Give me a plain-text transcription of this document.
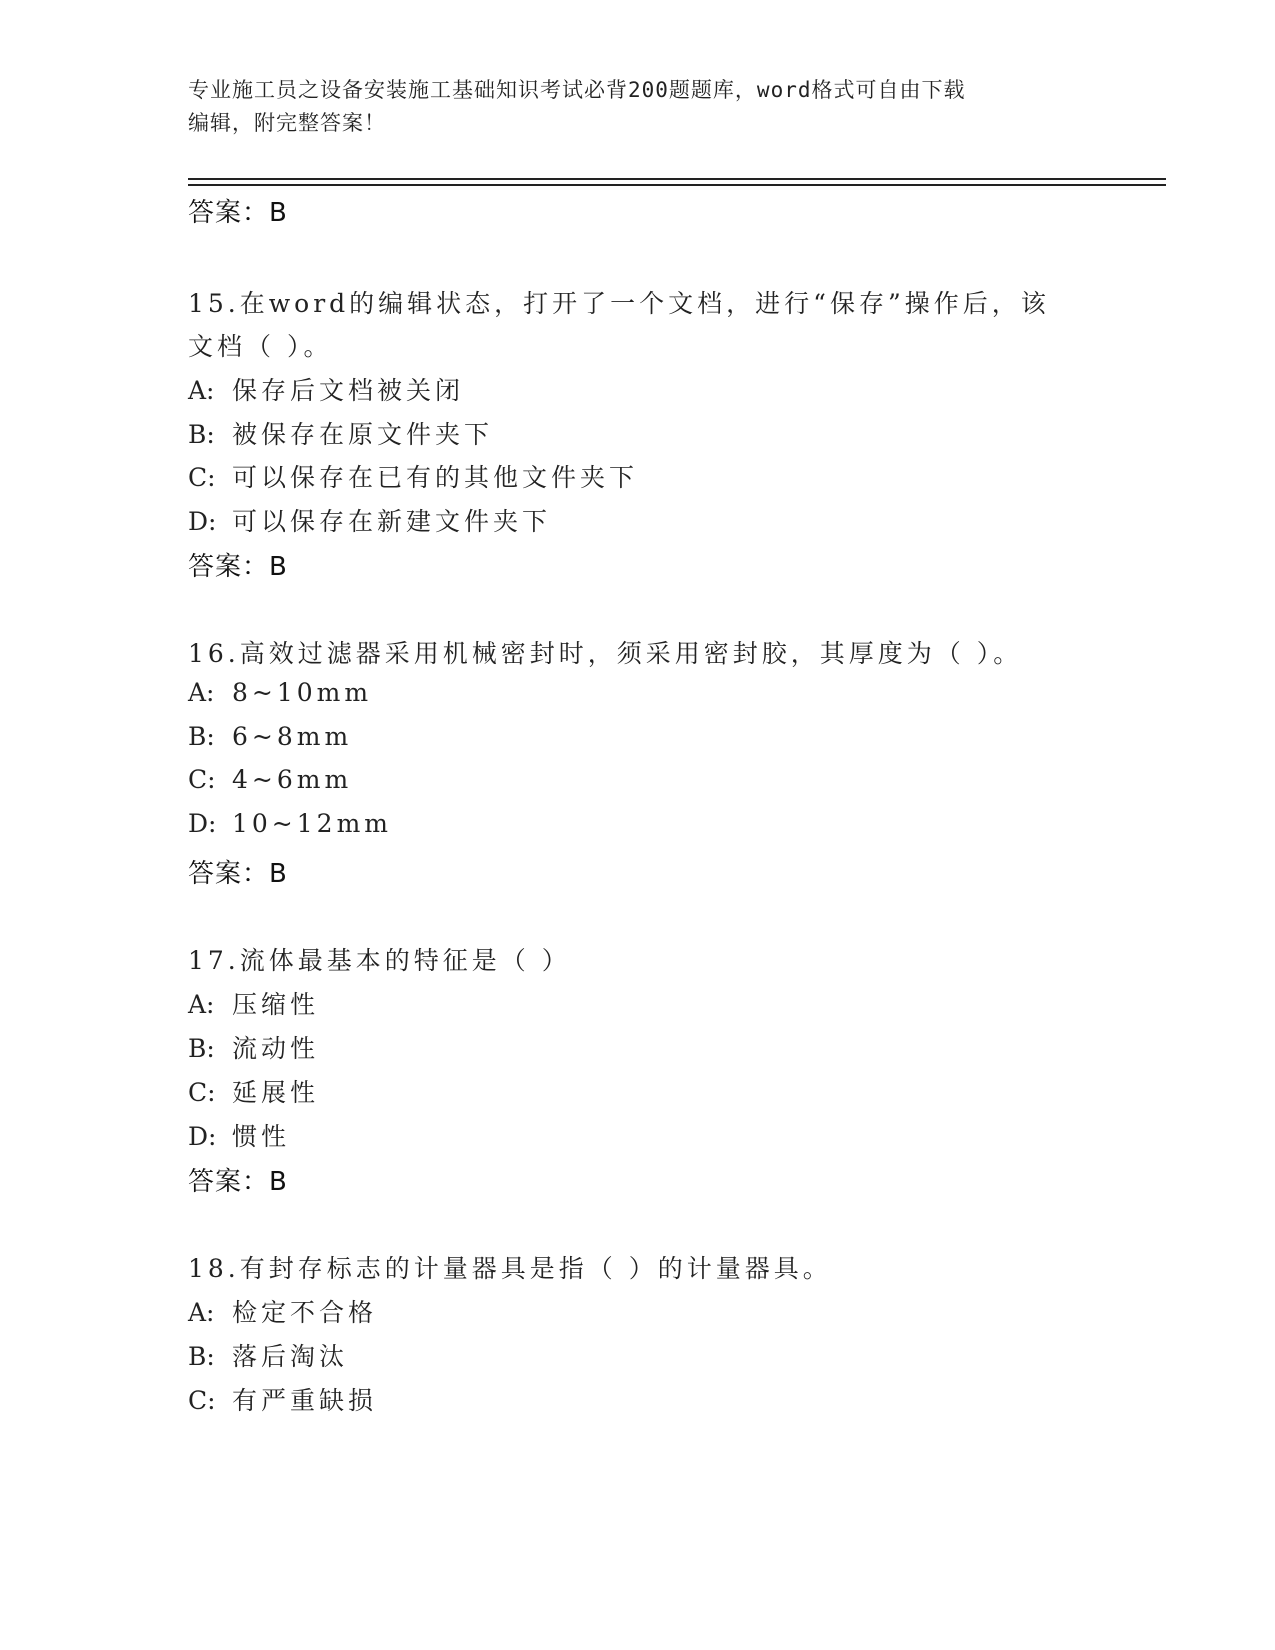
专业施工员之设备安装施工基础知识考试必背200题题库，word格式可自由下载
编辑，附完整答案！
答案：B
15.在word的编辑状态，打开了一个文档，进行“保存”操作后，该
文档（ ）。
A: 保存后文档被关闭
B: 被保存在原文件夹下
C: 可以保存在已有的其他文件夹下
D: 可以保存在新建文件夹下
答案：B
16.高效过滤器采用机械密封时，须采用密封胶，其厚度为（ ）。
A: 8~10mm
B: 6~8mm
C: 4~6mm
D: 10~12mm
答案：B
17.流体最基本的特征是（ ）
A: 压缩性
B: 流动性
C: 延展性
D: 惯性
答案：B
18.有封存标志的计量器具是指（ ）的计量器具。
A: 检定不合格
B: 落后淘汰
C: 有严重缺损
